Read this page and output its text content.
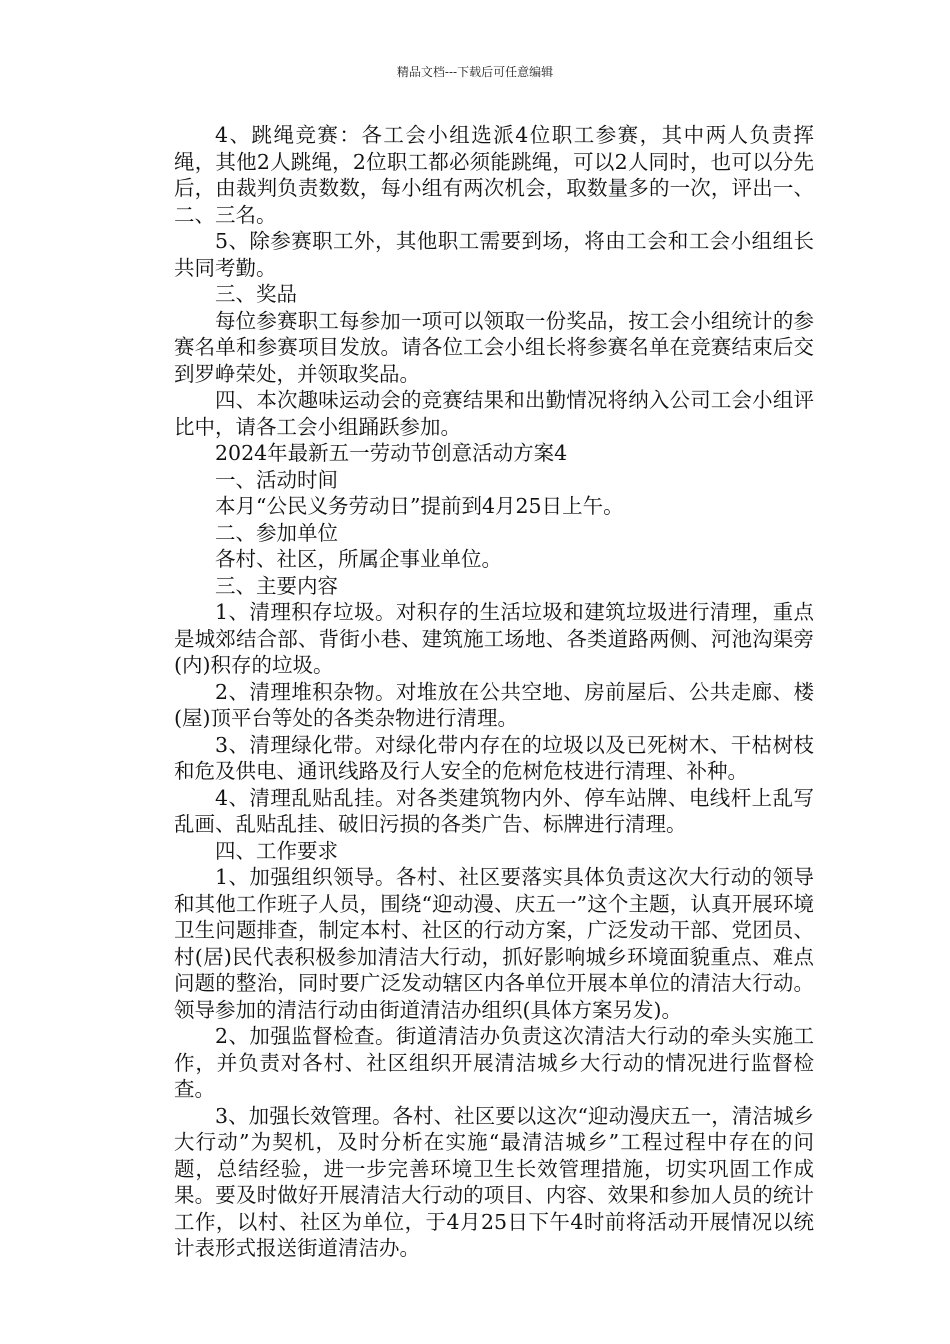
精品文档---下载后可任意编辑

4、跳绳竞赛：各工会小组选派4位职工参赛，其中两人负责挥绳，其他2人跳绳，2位职工都必须能跳绳，可以2人同时，也可以分先后，由裁判负责数数，每小组有两次机会，取数量多的一次，评出一、二、三名。

5、除参赛职工外，其他职工需要到场，将由工会和工会小组组长共同考勤。

三、奖品

每位参赛职工每参加一项可以领取一份奖品，按工会小组统计的参赛名单和参赛项目发放。请各位工会小组长将参赛名单在竞赛结束后交到罗峥荣处，并领取奖品。

四、本次趣味运动会的竞赛结果和出勤情况将纳入公司工会小组评比中，请各工会小组踊跃参加。

2024年最新五一劳动节创意活动方案4

一、活动时间

本月“公民义务劳动日”提前到4月25日上午。

二、参加单位

各村、社区，所属企事业单位。

三、主要内容

1、清理积存垃圾。对积存的生活垃圾和建筑垃圾进行清理，重点是城郊结合部、背街小巷、建筑施工场地、各类道路两侧、河池沟渠旁(内)积存的垃圾。

2、清理堆积杂物。对堆放在公共空地、房前屋后、公共走廊、楼(屋)顶平台等处的各类杂物进行清理。

3、清理绿化带。对绿化带内存在的垃圾以及已死树木、干枯树枝和危及供电、通讯线路及行人安全的危树危枝进行清理、补种。

4、清理乱贴乱挂。对各类建筑物内外、停车站牌、电线杆上乱写乱画、乱贴乱挂、破旧污损的各类广告、标牌进行清理。

四、工作要求

1、加强组织领导。各村、社区要落实具体负责这次大行动的领导和其他工作班子人员，围绕“迎动漫、庆五一”这个主题，认真开展环境卫生问题排查，制定本村、社区的行动方案，广泛发动干部、党团员、村(居)民代表积极参加清洁大行动，抓好影响城乡环境面貌重点、难点问题的整治，同时要广泛发动辖区内各单位开展本单位的清洁大行动。领导参加的清洁行动由街道清洁办组织(具体方案另发)。

2、加强监督检查。街道清洁办负责这次清洁大行动的牵头实施工作，并负责对各村、社区组织开展清洁城乡大行动的情况进行监督检查。

3、加强长效管理。各村、社区要以这次“迎动漫庆五一，清洁城乡大行动”为契机，及时分析在实施“最清洁城乡”工程过程中存在的问题，总结经验，进一步完善环境卫生长效管理措施，切实巩固工作成果。要及时做好开展清洁大行动的项目、内容、效果和参加人员的统计工作，以村、社区为单位，于4月25日下午4时前将活动开展情况以统计表形式报送街道清洁办。
